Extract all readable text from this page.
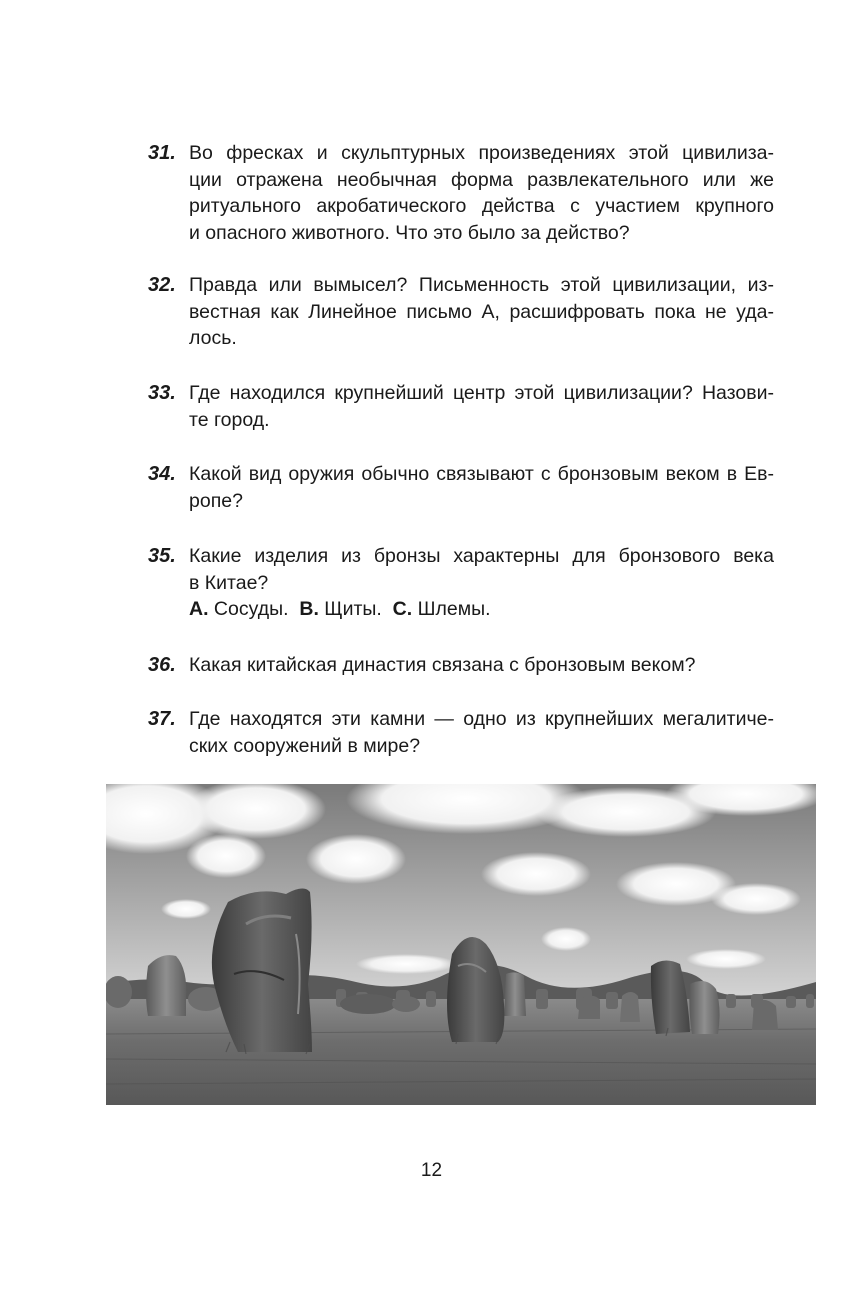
31. Во фресках и скульптурных произведениях этой цивилиза-
ции отражена необычная форма развлекательного или же
ритуального акробатического действа с участием крупного
и опасного животного. Что это было за действо?
32. Правда или вымысел? Письменность этой цивилизации, из-
вестная как Линейное письмо А, расшифровать пока не уда-
лось.
33. Где находился крупнейший центр этой цивилизации? Назови-
те город.
34. Какой вид оружия обычно связывают с бронзовым веком в Ев-
ропе?
35. Какие изделия из бронзы характерны для бронзового века
в Китае?
A. Сосуды. B. Щиты. C. Шлемы.
36. Какая китайская династия связана с бронзовым веком?
37. Где находятся эти камни — одно из крупнейших мегалитиче-
ских сооружений в мире?
12
